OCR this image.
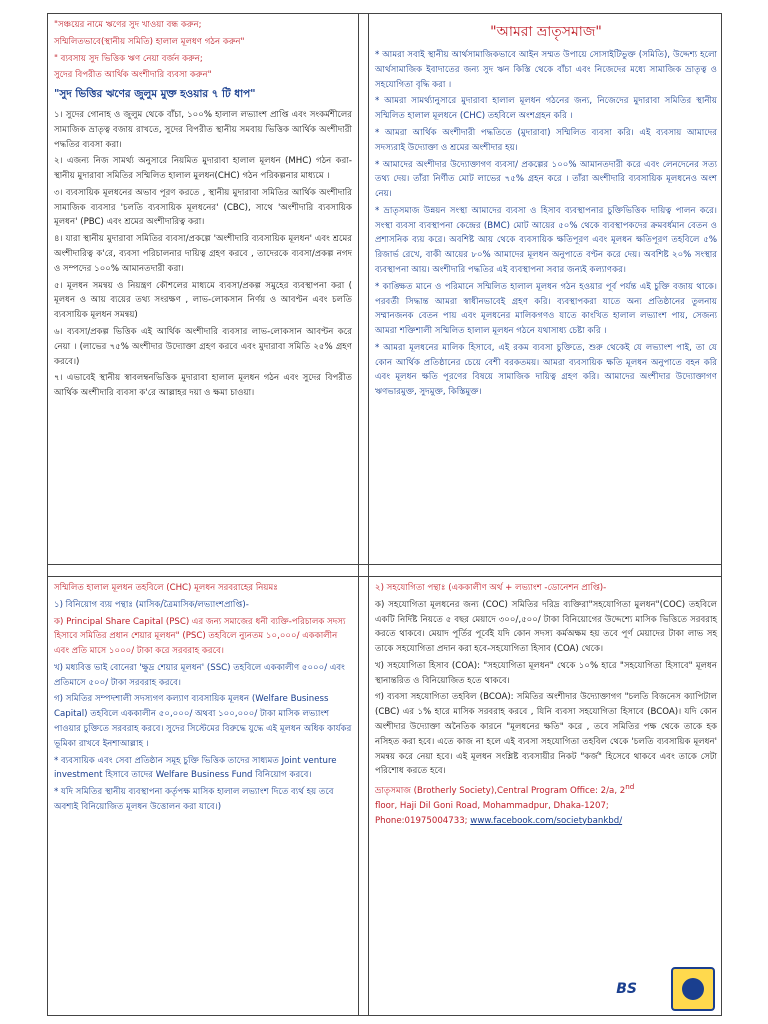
"সঞ্চয়ের নামে ঋণের সুদ খাওয়া বন্ধ করুন;

সম্মিলিতভাবে(স্থানীয় সমিতি) হালাল মূলধণ গঠন করুন"

" ব্যবসায় সুদ ভিত্তিক ঋণ নেয়া বর্জন করুন;

সুদের বিপরীত আর্থিক অংশীদারি ব্যবসা করুন"

"সুদ ভিত্তির ঋণের জুলুম মুক্ত হওয়ার ৭ টি ধাপ"

১। সুদের গোনাহ ও জুলুম থেকে বাঁচা, ১০০% হালাল লভ্যাংশ প্রাপ্তি এবং সংকর্মশীলের সামাজিক ভ্রাতৃত্ব বজায় রাখতে, সুদের বিপরীত স্থানীয় সমবায় ভিত্তিক আর্থিক অংশীদারী পদ্ধতির ব্যবসা করা।

২। এজন্য নিজ সামর্থ্য অনুসারে নিয়মিত মুদারাবা হালাল মূলধন (MHC) গঠন করা- স্থানীয় মুদারাবা সমিতির সম্মিলিত হালাল মুলধন(CHC) গঠন পরিকল্পনার মাধ্যমে ।

৩। ব্যবসায়িক মূলধনের অভাব পূরণ করতে , স্থানীয় মুদারাবা সমিতির আর্থিক অংশীদারি সামাজিক ব্যবসার 'চলতি ব্যবসায়িক মূলধনের' (CBC), সাথে 'অংশীদারি ব্যবসায়িক মূলধন' (PBC) এবং শ্রমের অংশীদারিত্ব করা।

৪। যারা স্থানীয় মুদারাবা সমিতির ব্যবসা/প্রকল্পে 'অংশীদারি ব্যবসায়িক মূলধন' এবং শ্রমের অংশীদারিত্ব ক'রে, ব্যবসা পরিচালনার দায়িত্ব গ্রহণ করবে , তাদেরকে ব্যবসা/প্রকল্প নগদ ও সম্পদের ১০০% আমানতদারী করা।

৫। মূলধন সমন্বয় ও নিয়ন্ত্রণ কৌশলের মাধ্যমে ব্যবসা/প্রকল্প সমুহের ব্যবস্থাপনা করা ( মূলধন ও আয় ব্যয়ের তথ্য সংরক্ষণ , লাভ-লোকসান নির্ণয় ও আবণ্টন এবং চলতি ব্যবসায়িক মূলধন সমন্বয়)

৬। ব্যবসা/প্রকল্প ভিত্তিক এই আর্থিক অংশীদারি ব্যবসার লাভ-লোকসান আবণ্টন করে নেয়া । (লাভের ৭৫% অংশীদার উদ্যোক্তা গ্রহণ করবে এবং মুদারাবা সমিতি ২৫% গ্রহণ করবে।)

৭। এভাবেই স্থানীয় স্বাবলম্বনভিত্তিক মুদারাবা হালাল মূলধন গঠন এবং সুদের বিপরীত আর্থিক অংশীদারি ব্যবসা ক'রে আল্লাহর দয়া ও ক্ষমা চাওয়া।

"আমরা ভ্রাতৃসমাজ"

* আমরা সবাই স্থানীয় আর্থসামাজিকভাবে আইন সম্মত উপায়ে সোসাইটিভুক্ত (সমিতি), উদ্দেশ্য হলো আর্থসামাজিক ইবাদাতের জন্য সুদ ঋন কিস্তি থেকে বাঁচা এবং নিজেদের মধ্যে সামাজিক ভ্রাতৃত্ব ও সহযোগিতা বৃদ্ধি করা ।

* আমরা সামর্থ্যানুসারে মুদারাবা হালাল মূলধন গঠনের জন্য, নিজেদের মুদারাবা সমিতির স্থানীয় সম্মিলিত হালাল মূলধনে (CHC) তহবিলে অংশগ্রহন করি ।

* আমরা আর্থিক অংশীদারী পদ্ধতিতে (মুদারাবা) সম্মিলিত ব্যবসা করি। এই ব্যবসায় আমাদের সদস্যরাই উদ্যোক্তা ও শ্রমের অংশীদার হয়।

* আমাদের অংশীদার উদ্যোক্তাগণ ব্যবসা/ প্রকল্পের ১০০% আমানতদারী করে এবং লেনদেনের সত্য তথ্য দেয়। তাঁরা নির্ণীত মোট লাভের ৭৫% গ্রহন করে । তাঁরা অংশীদারি ব্যবসায়িক মূলধনেও অংশ নেয়।

* ভ্রাতৃসমাজ উন্নয়ন সংস্থা আমাদের ব্যবসা ও হিসাব ব্যবস্থাপনার চুক্তিভিত্তিক দায়িত্ব পালন করে। সংস্থা ব্যবসা ব্যবস্থাপনা কেন্দ্রের (BMC) মোট আয়ের ৫০% থেকে ব্যবস্থাপকদের ক্রমবর্ধমান বেতন ও প্রশাসনিক ব্যয় করে। অবশিষ্ট আয় থেকে ব্যবসায়িক ক্ষতিপূরণ এবং মূলধন ক্ষতিপূরণ তহবিলে ৫% রিজার্ভ রেখে, বাকী আয়ের ৮০% আমাদের মূলধন অনুপাতে বণ্টন করে দেয়। অবশিষ্ট ২০% সংস্থার ব্যবস্থাপনা আয়। অংশীদারি পদ্ধতির এই ব্যবস্থাপনা সবার জন্যই কল্যাণকর।

* কাঙ্ক্ষিত মানে ও পরিমানে সম্মিলিত হালাল মূলধন গঠন হওয়ার পূর্ব পর্যন্ত এই চুক্তি বজায় থাকে। পরবর্তী সিদ্ধান্ত আমরা স্বাধীনভাবেই গ্রহণ করি। ব্যবস্থাপকরা যাতে অন্য প্রতিষ্ঠানের তুলনায় সম্মানজনক বেতন পায় এবং মূলধনের মালিকগণও যাতে কাংখিত হালাল লভ্যাংশ পায়, সেজন্য আমরা শক্তিশালী সম্মিলিত হালাল মূলধন গঠনে যথাসাধ্য চেষ্টা করি ।

* আমরা মূলধনের মালিক হিসাবে, এই রকম ব্যবসা চুক্তিতে, শুরু থেকেই যে লভ্যাংশ পাই, তা যে কোন আর্থিক প্রতিষ্ঠানের চেয়ে বেশী বরকতময়। আমরা ব্যবসায়িক ক্ষতি মূলধন অনুপাতে বহন করি এবং মূলধন ক্ষতি পূরণের বিষয়ে সামাজিক দায়িত্ব গ্রহণ করি। আমাদের অংশীদার উদ্যোক্তাগণ ঋণভারমুক্ত, সুদমুক্ত, কিস্তিমুক্ত।

সম্মিলিত হালাল মূলধন তহবিলে (CHC) মূলধন সরবরাহের নিয়মঃ

১) বিনিয়োগ ব্যয় পন্থাঃ (মাসিক/ত্রৈমাসিক/লভ্যাংশপ্রাপ্তি)-

ক) Principal Share Capital (PSC) এর জন্য সমাজের ধনী ব্যক্তি-পরিচালক সদস্য হিসাবে সমিতির প্রধান শেয়ার মূলধন" (PSC) তহবিলে ন্যুনতম ১০,০০০/ এককালীন এবং প্রতি মাসে ১০০০/ টাকা করে সরবরাহ করবে।

খ) মধ্যবিত্ত ভাই বোনেরা 'ক্ষুদ্র শেয়ার মূলধন' (SSC) তহবিলে এককালীণ ৫০০০/ এবং প্রতিমাসে ৫০০/ টাকা সরবরাহ করবে।

গ) সমিতির সম্পদশালী সদস্যগণ কল্যাণ ব্যবসায়িক মূলধন (Welfare Business Capital) তহবিলে এককালীন ৫০,০০০/ অথবা ১০০,০০০/ টাকা মাসিক লভ্যাংশ পাওয়ার চুক্তিতে সরবরাহ করবে। সুদের সিস্টেমের বিরুদ্ধে যুদ্ধে এই মূলধন অধিক কার্যকর ভূমিকা রাখবে ইনশাআল্লাহ ।

* ব্যবসায়িক এবং সেবা প্রতিষ্ঠান সমূহ চুক্তি ভিত্তিক তাদের সাধ্যমত Joint venture investment হিসাবে তাদের Welfare Business Fund বিনিয়োগ করবে।

* যদি সমিতির স্থানীয় ব্যবস্থাপনা কর্তৃপক্ষ মাসিক হালাল লভ্যাংশ দিতে ব্যর্থ হয় তবে অবশ্যই বিনিয়োজিত মূলধন উত্তোলন করা যাবে।)

২) সহযোগিতা পন্থাঃ (এককালীণ অর্থ + লভ্যাংশ -ডোনেশন প্রাপ্তি)-

ক) সহযোগিতা মূলধনের জন্য (COC) সমিতির দরিদ্র ব্যক্তিরা"সহযোগিতা মুলধন"(COC) তহবিলে একটি নির্দিষ্ট নিয়তে ৫ বছর মেয়াদে ৩০০/,৫০০/ টাকা বিনিয়োগের উদ্দেশ্যে মাসিক ভিত্তিতে সরবরাহ করতে থাকবে। মেয়াদ পূর্তির পূর্বেই যদি কোন সদস্য কর্মঅক্ষম হয় তবে পূর্ণ মেয়াদের টাকা লাভ সহ তাকে সহযোগিতা প্রদান করা হবে-সহযোগিতা হিসাব (COA) থেকে।

খ) সহযোগিতা হিসাব (COA): "সহযোগিতা মূলধন" থেকে ১০% হারে "সহযোগিতা হিসাবে" মূলধন স্থানান্তরিত ও বিনিয়োজিত হতে থাকবে।

গ) ব্যবসা সহযোগিতা তহবিল (BCOA): সমিতির অংশীদার উদ্যোক্তাগণ "চলতি বিজনেস ক্যাপিটাল (CBC) এর ১% হারে মাসিক সরবরাহ করবে , যিনি ব্যবসা সহযোগিতা হিসাবে (BCOA)। যদি কোন অংশীদার উদ্যোক্তা অনৈতিক কারনে "মূলধনের ক্ষতি" করে , তবে সমিতির পক্ষ থেকে তাকে হক নসিহত করা হবে। এতে কাজ না হলে এই ব্যবসা সহযোগিতা তহবিল থেকে 'চলতি ব্যবসায়িক মূলধন' সমন্বয় করে নেয়া হবে। এই মূলধন সংশ্লিষ্ট ব্যবসায়ীর নিকট "কর্জ" হিসেবে থাকবে এবং তাকে সেটা পরিশোধ করতে হবে।

ভ্রাতৃসমাজ (Brotherly Society),Central Program Office: 2/a, 2nd
floor, Haji Dil Goni Road, Mohammadpur, Dhaka-1207;
Phone:01975004733; www.facebook.com/societybankbd/

BS
